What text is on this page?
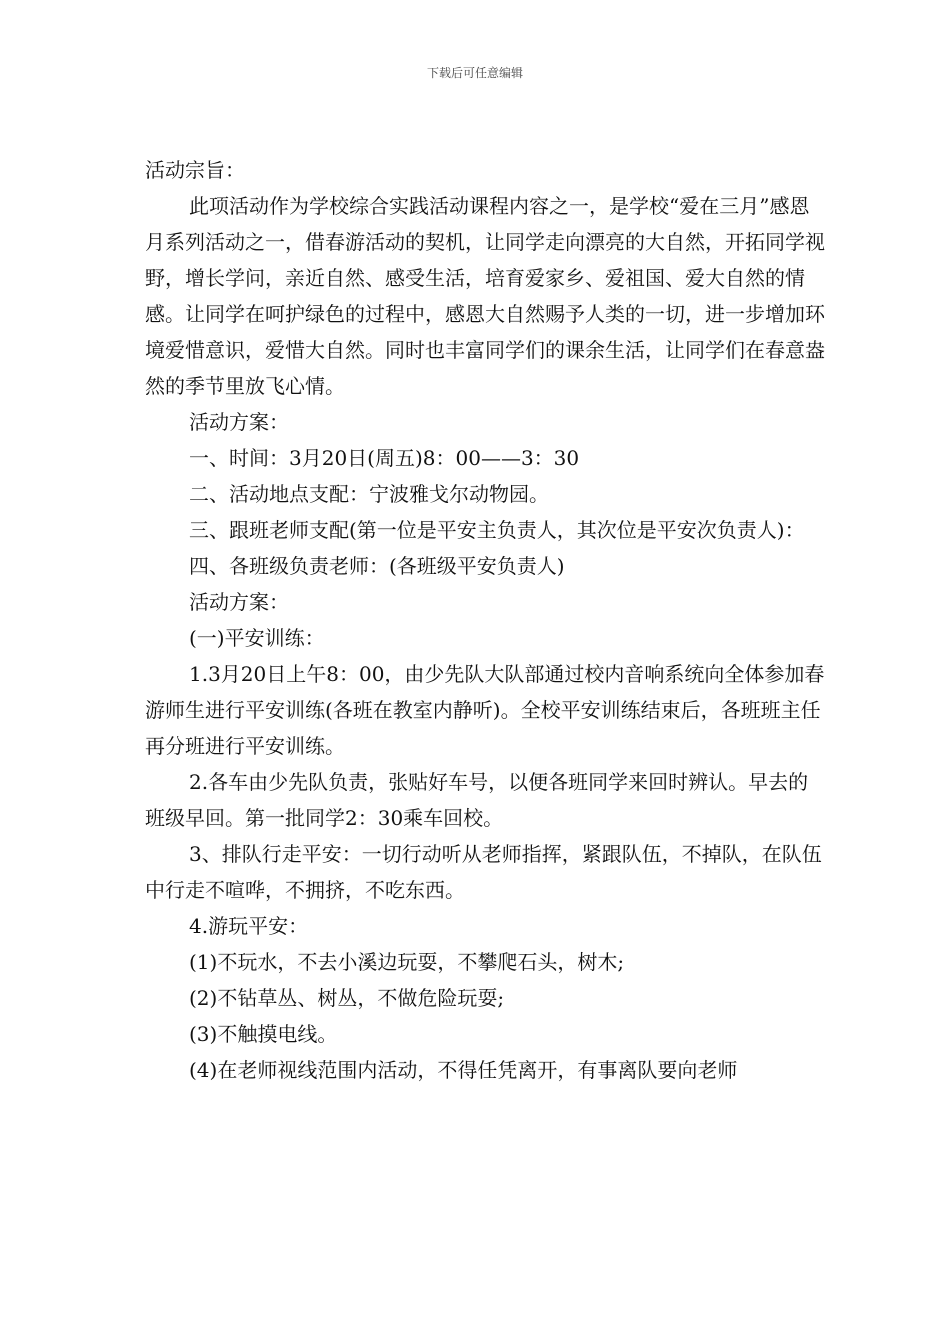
下载后可任意编辑

活动宗旨：

此项活动作为学校综合实践活动课程内容之一，是学校“爱在三月”感恩月系列活动之一，借春游活动的契机，让同学走向漂亮的大自然，开拓同学视野，增长学问，亲近自然、感受生活，培育爱家乡、爱祖国、爱大自然的情感。让同学在呵护绿色的过程中，感恩大自然赐予人类的一切，进一步增加环境爱惜意识，爱惜大自然。同时也丰富同学们的课余生活，让同学们在春意盎然的季节里放飞心情。

活动方案：

一、时间：3月20日(周五)8：00——3：30

二、活动地点支配：宁波雅戈尔动物园。

三、跟班老师支配(第一位是平安主负责人，其次位是平安次负责人)：

四、各班级负责老师：(各班级平安负责人)

活动方案：

(一)平安训练：

1.3月20日上午8：00，由少先队大队部通过校内音响系统向全体参加春游师生进行平安训练(各班在教室内静听)。全校平安训练结束后，各班班主任再分班进行平安训练。

2.各车由少先队负责，张贴好车号，以便各班同学来回时辨认。早去的班级早回。第一批同学2：30乘车回校。

3、排队行走平安：一切行动听从老师指挥，紧跟队伍，不掉队，在队伍中行走不喧哗，不拥挤，不吃东西。

4.游玩平安：

(1)不玩水，不去小溪边玩耍，不攀爬石头，树木;

(2)不钻草丛、树丛，不做危险玩耍;

(3)不触摸电线。

(4)在老师视线范围内活动，不得任凭离开，有事离队要向老师
